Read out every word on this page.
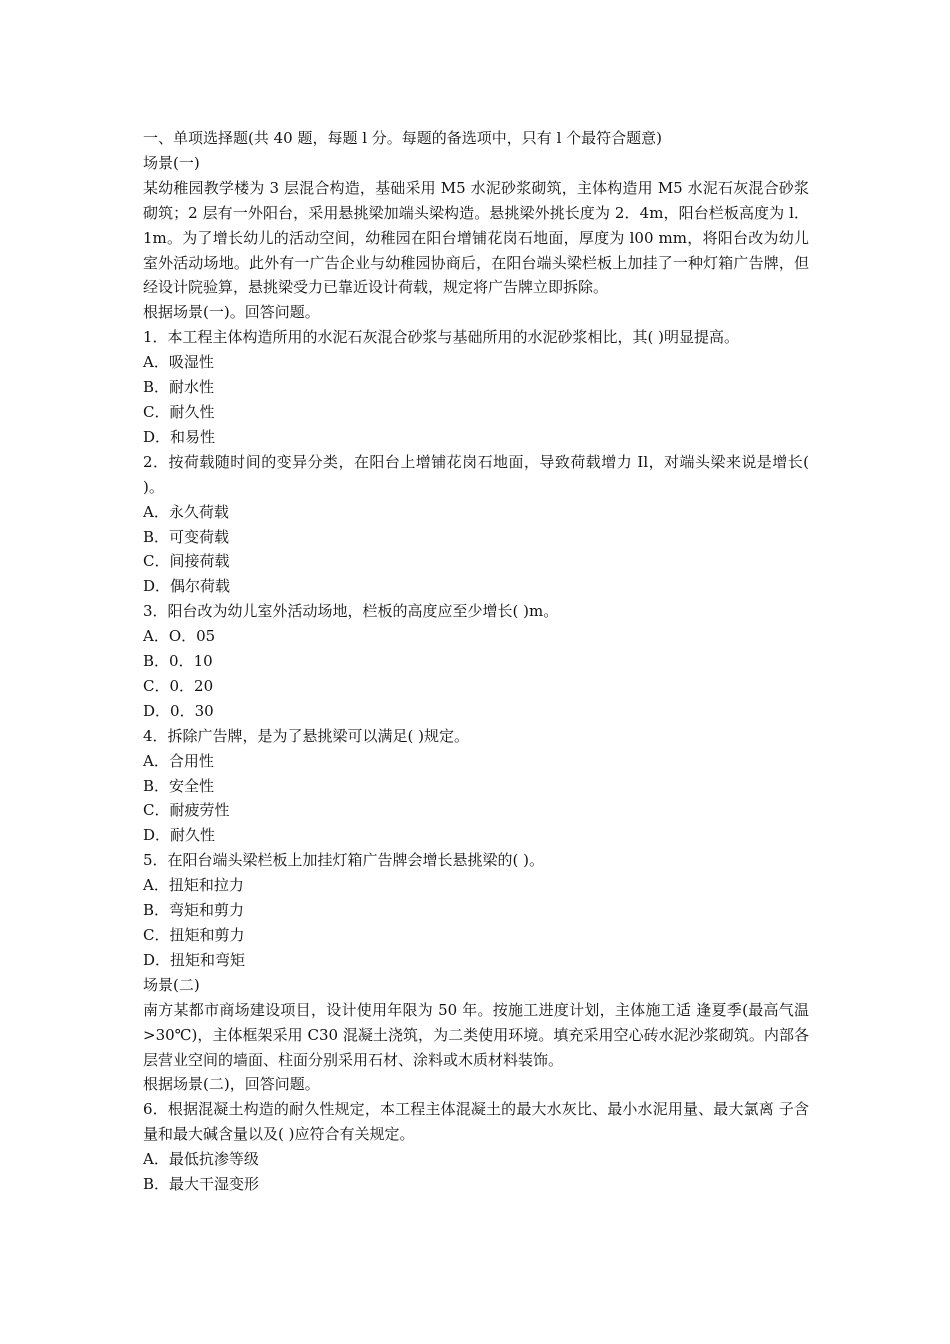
一、单项选择题(共 40 题，每题 l 分。每题的备选项中，只有 l 个最符合题意)
场景(一)
某幼稚园教学楼为 3 层混合构造，基础采用 M5 水泥砂浆砌筑，主体构造用 M5 水泥石灰混合砂浆砌筑；2 层有一外阳台，采用悬挑梁加端头梁构造。悬挑梁外挑长度为 2．4m，阳台栏板高度为 l．1m。为了增长幼儿的活动空间，幼稚园在阳台增铺花岗石地面，厚度为 l00 mm，将阳台改为幼儿室外活动场地。此外有一广告企业与幼稚园协商后，在阳台端头梁栏板上加挂了一种灯箱广告牌，但经设计院验算，悬挑梁受力已靠近设计荷载，规定将广告牌立即拆除。
根据场景(一)。回答问题。
1．本工程主体构造所用的水泥石灰混合砂浆与基础所用的水泥砂浆相比，其( )明显提高。
A．吸湿性
B．耐水性
C．耐久性
D．和易性
2．按荷载随时间的变异分类，在阳台上增铺花岗石地面，导致荷载增力 Il，对端头梁来说是增长( )。
A．永久荷载
B．可变荷载
C．间接荷载
D．偶尔荷载
3．阳台改为幼儿室外活动场地，栏板的高度应至少增长( )m。
A．O．05
B．0．10
C．0．20
D．0．30
4．拆除广告牌，是为了悬挑梁可以满足( )规定。
A．合用性
B．安全性
C．耐疲劳性
D．耐久性
5．在阳台端头梁栏板上加挂灯箱广告牌会增长悬挑梁的( )。
A．扭矩和拉力
B．弯矩和剪力
C．扭矩和剪力
D．扭矩和弯矩
场景(二)
南方某都市商场建设项目，设计使用年限为 50 年。按施工进度计划，主体施工适 逢夏季(最高气温>30℃)，主体框架采用 C30 混凝土浇筑，为二类使用环境。填充采用空心砖水泥沙浆砌筑。内部各层营业空间的墙面、柱面分别采用石材、涂料或木质材料装饰。
根据场景(二)，回答问题。
6．根据混凝土构造的耐久性规定，本工程主体混凝土的最大水灰比、最小水泥用量、最大氯离 子含量和最大碱含量以及( )应符合有关规定。
A．最低抗渗等级
B．最大干湿变形
